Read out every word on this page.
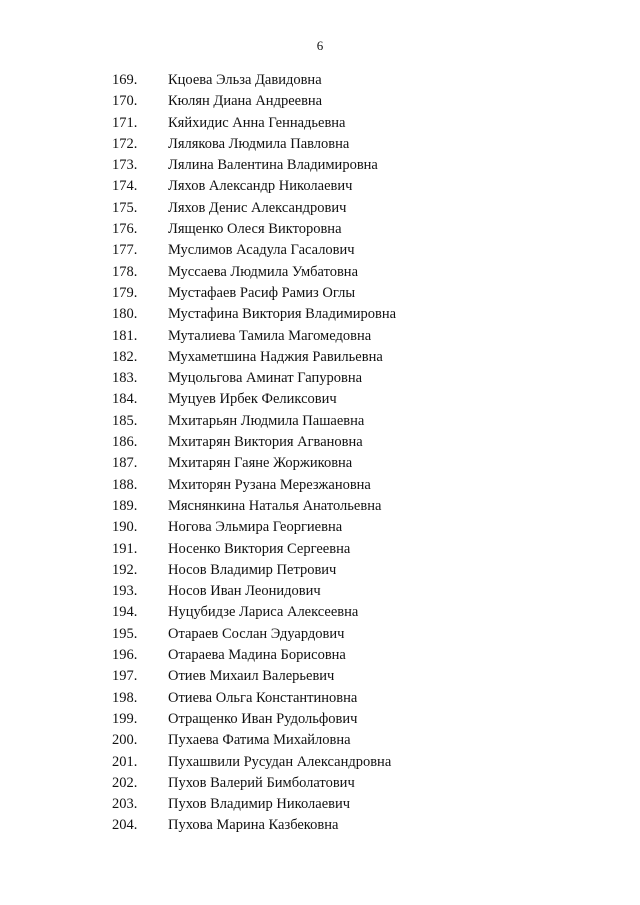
6
169.	Кцоева Эльза Давидовна
170.	Кюлян Диана Андреевна
171.	Кяйхидис Анна Геннадьевна
172.	Лялякова Людмила Павловна
173.	Лялина Валентина Владимировна
174.	Ляхов Александр Николаевич
175.	Ляхов Денис Александрович
176.	Лященко Олеся Викторовна
177.	Муслимов Асадула Гасалович
178.	Муссаева Людмила Умбатовна
179.	Мустафаев Расиф Рамиз Оглы
180.	Мустафина Виктория Владимировна
181.	Муталиева Тамила Магомедовна
182.	Мухаметшина Наджия Равильевна
183.	Муцольгова Аминат Гапуровна
184.	Муцуев Ирбек Феликсович
185.	Мхитарьян Людмила Пашаевна
186.	Мхитарян Виктория Агвановна
187.	Мхитарян Гаяне Жоржиковна
188.	Мхиторян Рузана Мерезжановна
189.	Мяснянкина Наталья Анатольевна
190.	Ногова Эльмира Георгиевна
191.	Носенко Виктория Сергеевна
192.	Носов Владимир Петрович
193.	Носов Иван Леонидович
194.	Нуцубидзе Лариса Алексеевна
195.	Отараев Сослан Эдуардович
196.	Отараева Мадина Борисовна
197.	Отиев Михаил Валерьевич
198.	Отиева Ольга Константиновна
199.	Отращенко Иван Рудольфович
200.	Пухаева Фатима Михайловна
201.	Пухашвили Русудан Александровна
202.	Пухов Валерий Бимболатович
203.	Пухов Владимир Николаевич
204.	Пухова Марина Казбековна
